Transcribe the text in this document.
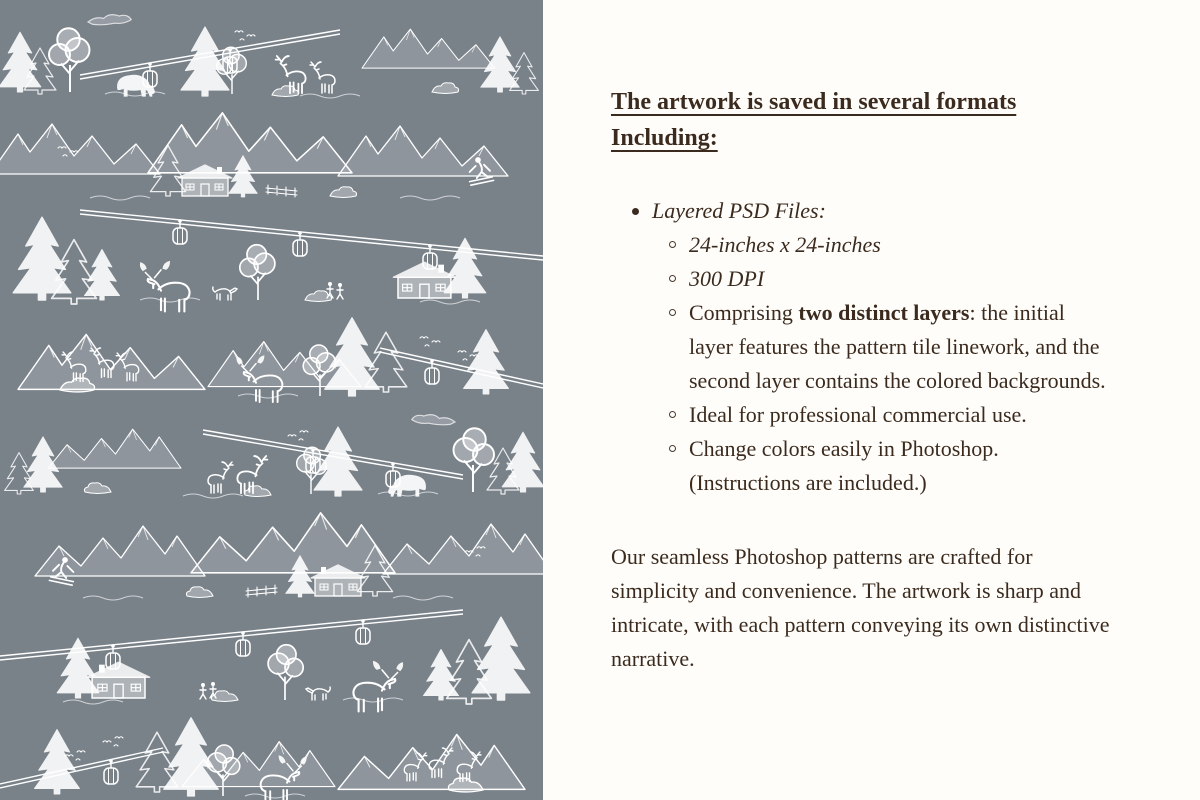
The artwork is saved in several formats
Including:
Layered PSD Files:
24-inches x 24-inches
300 DPI
Comprising two distinct layers: the initial layer features the pattern tile linework, and the second layer contains the colored backgrounds.
Ideal for professional commercial use.
Change colors easily in Photoshop. (Instructions are included.)

Our seamless Photoshop patterns are crafted for simplicity and convenience. The artwork is sharp and intricate, with each pattern conveying its own distinctive narrative.
